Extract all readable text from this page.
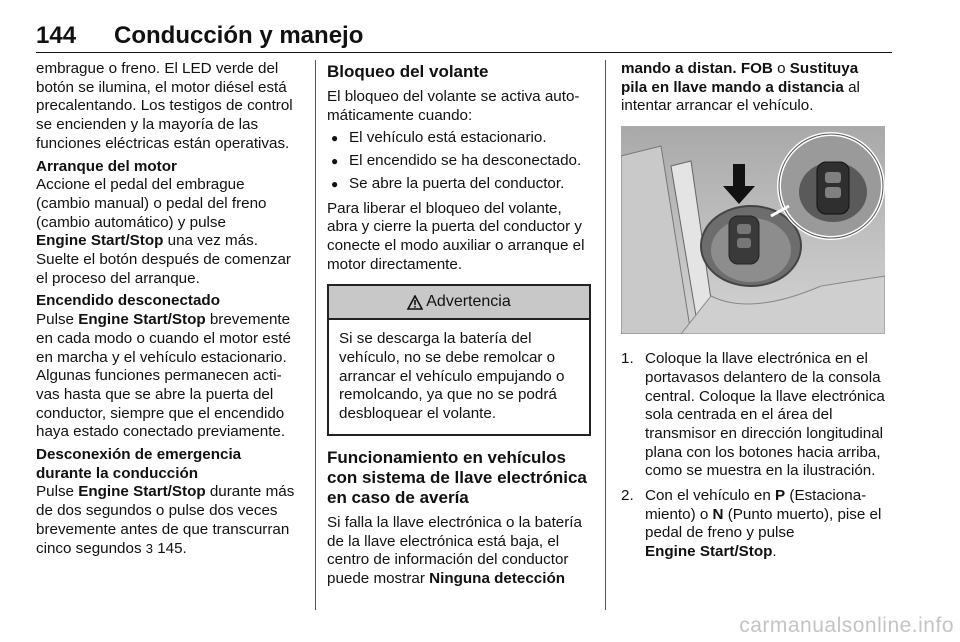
144 Conducción y manejo

embrague o freno. El LED verde del botón se ilumina, el motor diésel está precalentando. Los testigos de control se encienden y la mayoría de las funciones eléctricas están operativas.

Arranque del motor

Accione el pedal del embrague (cambio manual) o pedal del freno (cambio automático) y pulse
Engine Start/Stop una vez más.

Suelte el botón después de comenzar el proceso del arranque.

Encendido desconectado

Pulse Engine Start/Stop brevemente en cada modo o cuando el motor esté en marcha y el vehículo estacionario. Algunas funciones permanecen activas hasta que se abre la puerta del conductor, siempre que el encendido haya estado conectado previamente.

Desconexión de emergencia durante la conducción

Pulse Engine Start/Stop durante más de dos segundos o pulse dos veces brevemente antes de que transcurran cinco segundos 3 145.

Bloqueo del volante

El bloqueo del volante se activa automáticamente cuando:

● El vehículo está estacionario.
● El encendido se ha desconectado.
● Se abre la puerta del conductor.

Para liberar el bloqueo del volante, abra y cierre la puerta del conductor y conecte el modo auxiliar o arranque el motor directamente.

Advertencia
Si se descarga la batería del vehículo, no se debe remolcar o arrancar el vehículo empujando o remolcando, ya que no se podrá desbloquear el volante.
Funcionamiento en vehículos con sistema de llave electrónica en caso de avería

Si falla la llave electrónica o la batería de la llave electrónica está baja, el centro de información del conductor puede mostrar Ninguna detección

mando a distan. FOB o Sustituya pila en llave mando a distancia al intentar arrancar el vehículo.

1. Coloque la llave electrónica en el portavasos delantero de la consola central. Coloque la llave electrónica sola centrada en el área del transmisor en dirección longitudinal plana con los botones hacia arriba, como se muestra en la ilustración.
2. Con el vehículo en P (Estacionamiento) o N (Punto muerto), pise el pedal de freno y pulse
Engine Start/Stop.
carmanualsonline.info
